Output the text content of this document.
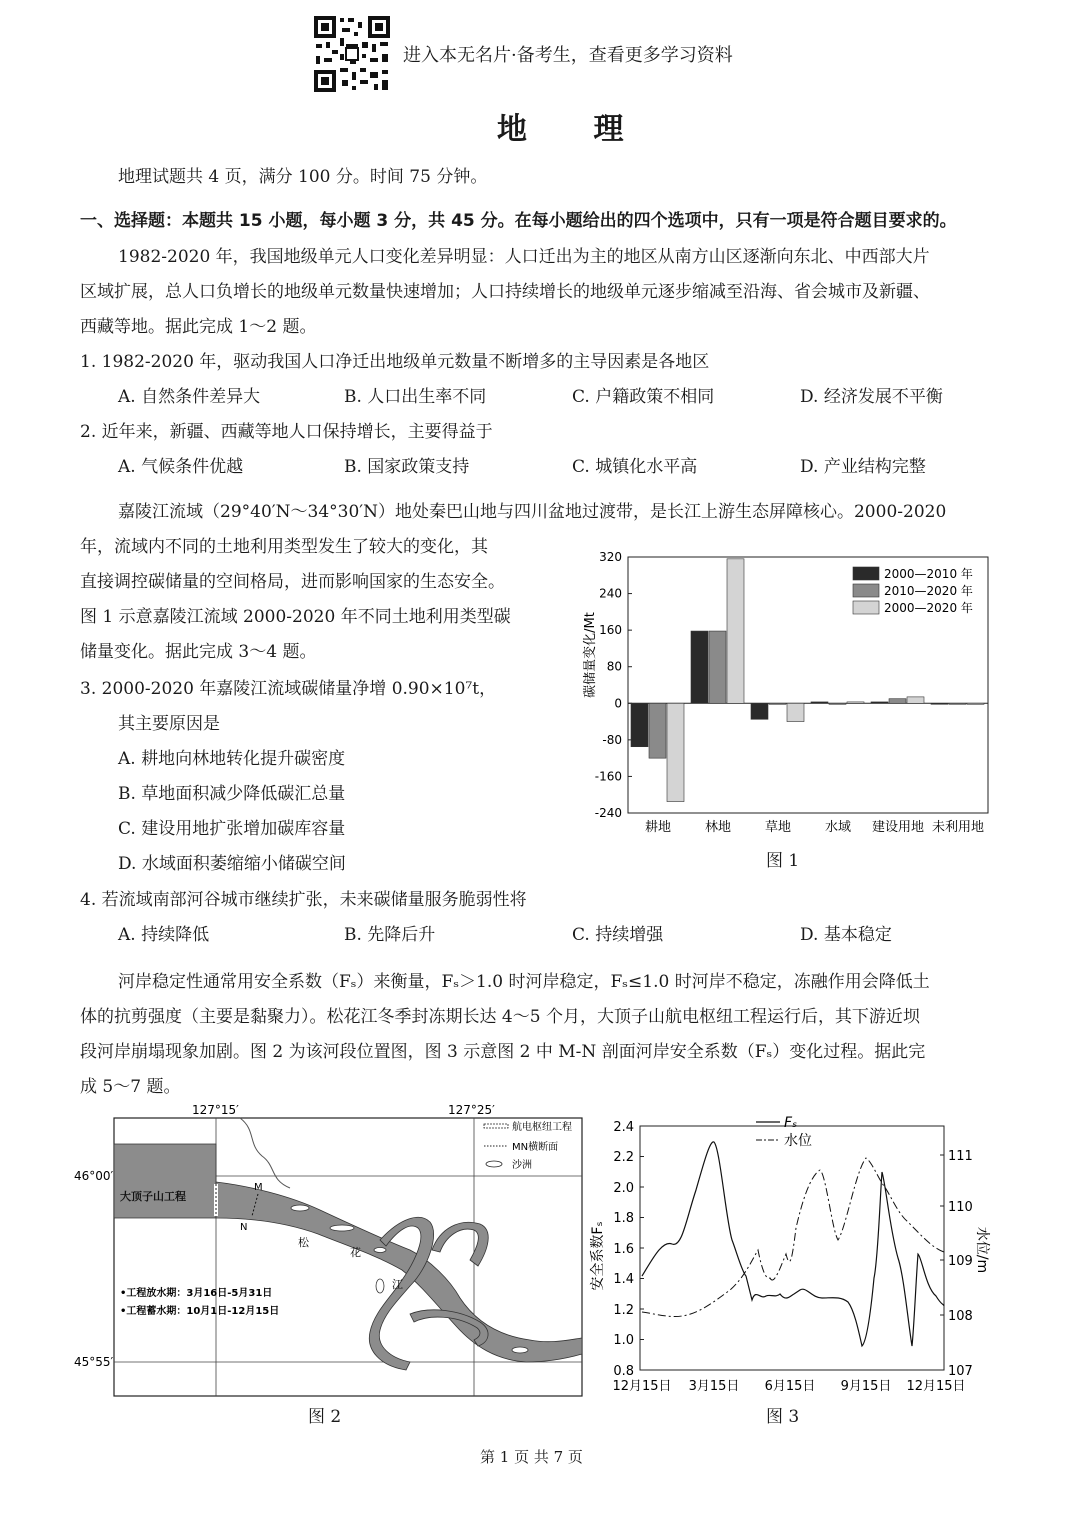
进入本无名片·备考生，查看更多学习资料
地 理
地理试题共 4 页，满分 100 分。时间 75 分钟。
一、选择题：本题共 15 小题，每小题 3 分，共 45 分。在每小题给出的四个选项中，只有一项是符合题目要求的。
1982-2020 年，我国地级单元人口变化差异明显：人口迁出为主的地区从南方山区逐渐向东北、中西部大片
区域扩展，总人口负增长的地级单元数量快速增加；人口持续增长的地级单元逐步缩减至沿海、省会城市及新疆、
西藏等地。据此完成 1～2 题。
1. 1982-2020 年，驱动我国人口净迁出地级单元数量不断增多的主导因素是各地区
A. 自然条件差异大	B. 人口出生率不同	C. 户籍政策不相同	D. 经济发展不平衡
2. 近年来，新疆、西藏等地人口保持增长，主要得益于
A. 气候条件优越	B. 国家政策支持	C. 城镇化水平高	D. 产业结构完整
嘉陵江流域（29°40′N～34°30′N）地处秦巴山地与四川盆地过渡带，是长江上游生态屏障核心。2000-2020
年，流域内不同的土地利用类型发生了较大的变化，其
直接调控碳储量的空间格局，进而影响国家的生态安全。
图 1 示意嘉陵江流域 2000-2020 年不同土地利用类型碳
储量变化。据此完成 3～4 题。
3. 2000-2020 年嘉陵江流域碳储量净增 0.90×10⁷t，
其主要原因是
A. 耕地向林地转化提升碳密度
B. 草地面积减少降低碳汇总量
C. 建设用地扩张增加碳库容量
D. 水域面积萎缩缩小储碳空间
320
240
160
80
0
-80
-160
-240
耕地	林地	草地	水域 建设用地 未利用地
碳储量变化/Mt
2000—2010 年
2010—2020 年
2000—2020 年
图 1
4. 若流域南部河谷城市继续扩张，未来碳储量服务脆弱性将
A. 持续降低	B. 先降后升	C. 持续增强	D. 基本稳定
河岸稳定性通常用安全系数（Fₛ）来衡量，Fₛ＞1.0 时河岸稳定，Fₛ≤1.0 时河岸不稳定，冻融作用会降低土
体的抗剪强度（主要是黏聚力）。松花江冬季封冻期长达 4～5 个月，大顶子山航电枢纽工程运行后，其下游近坝
段河岸崩塌现象加剧。图 2 为该河段位置图，图 3 示意图 2 中 M-N 剖面河岸安全系数（Fₛ）变化过程。据此完
成 5～7 题。
127°15′	127°25′
46°00′
45°55′
大顶子山工程
M
N
松
花
江
航电枢纽工程
MN横断面
沙洲
•工程放水期：3月16日-5月31日
•工程蓄水期：10月1日-12月15日
图 2
2.4
2.2
2.0
1.8
1.6
1.4
1.2
1.0
0.8
111
110
109
108
107
安全系数Fₛ	水位/m
Fₛ
水位
12月15日 3月15日 6月15日 9月15日 12月15日
图 3
第 1 页 共 7 页
